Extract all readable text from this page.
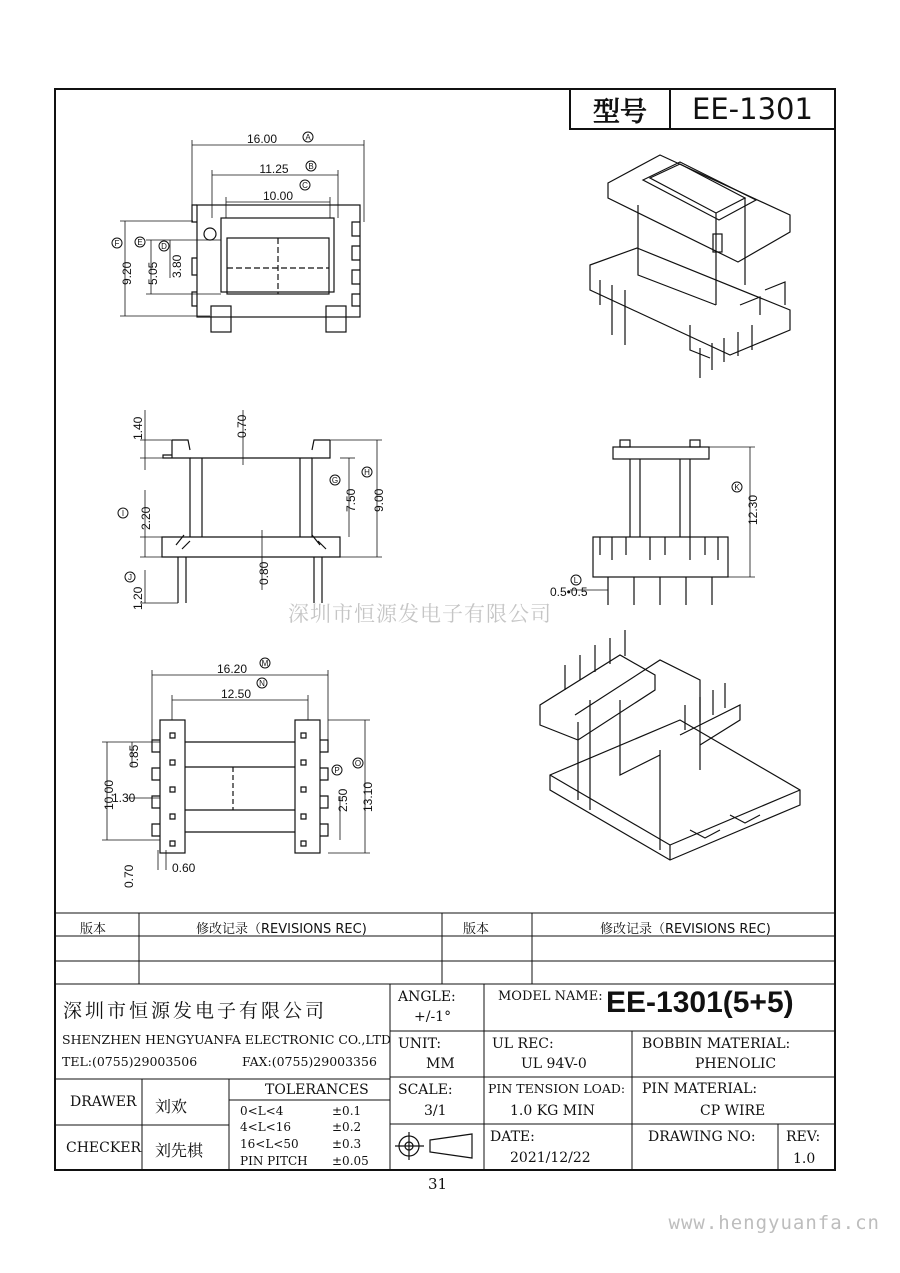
型号	EE-1301
16.00
11.25
10.00
9.20 5.05 3.80
1.40	0.70
7.50 9.00
2.20
0.80
1.20
12.30
0.5•0.5
16.20
12.50
0.85
10.00
1.30
0.70	0.60
2.50 13.10
A
B
C
D
E
F
G
H
I
J
K
L
M
N
O
P
深圳市恒源发电子有限公司
版本	修改记录（REVISIONS REC)	版本	修改记录（REVISIONS REC)
深圳市恒源发电子有限公司
SHENZHEN HENGYUANFA ELECTRONIC CO.,LTD
TEL:(0755)29003506	FAX:(0755)29003356
DRAWER 刘欢
CHECKER 刘先棋
TOLERANCES
0<L<4	±0.1
4<L<16	±0.2
16<L<50	±0.3
PIN PITCH ±0.05
ANGLE:
+/-1°
UNIT:
MM
SCALE:
3/1
MODEL NAME: EE-1301(5+5)
UL REC:
UL 94V-0
BOBBIN MATERIAL:
PHENOLIC
PIN TENSION LOAD:
1.0 KG MIN
PIN MATERIAL:
CP WIRE
DATE:
2021/12/22
DRAWING NO: REV:
1.0
31
www.hengyuanfa.cn
